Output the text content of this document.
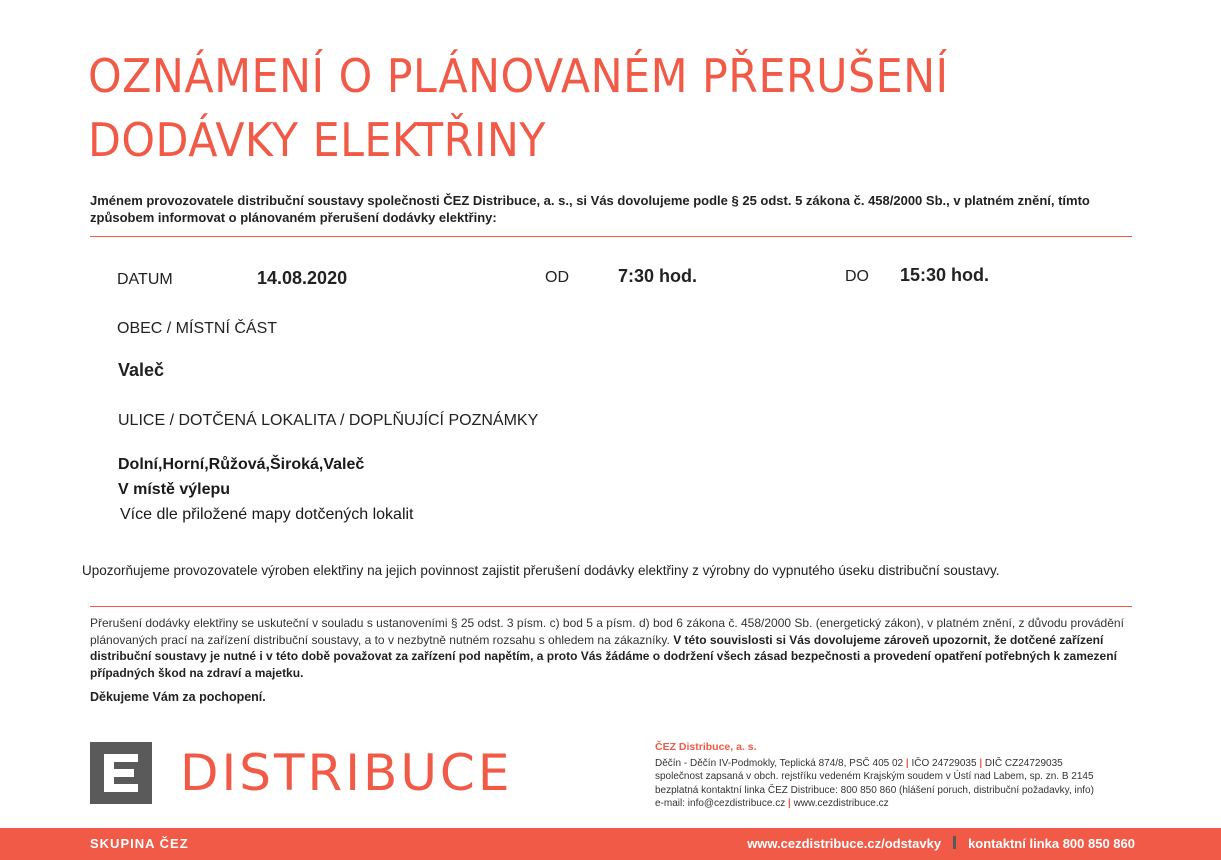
OZNÁMENÍ O PLÁNOVANÉM PŘERUŠENÍ
DODÁVKY ELEKTŘINY
Jménem provozovatele distribuční soustavy společnosti ČEZ Distribuce, a. s., si Vás dovolujeme podle § 25 odst. 5 zákona č. 458/2000 Sb., v platném znění, tímto způsobem informovat o plánovaném přerušení dodávky elektřiny:
DATUM	14.08.2020	OD	7:30 hod.	DO 15:30 hod.
OBEC / MÍSTNÍ ČÁST
Valeč
ULICE / DOTČENÁ LOKALITA / DOPLŇUJÍCÍ POZNÁMKY
Dolní,Horní,Růžová,Široká,Valeč
V místě výlepu
Více dle přiložené mapy dotčených lokalit
Upozorňujeme provozovatele výroben elektřiny na jejich povinnost zajistit přerušení dodávky elektřiny z výrobny do vypnutého úseku distribuční soustavy.
Přerušení dodávky elektřiny se uskuteční v souladu s ustanoveními § 25 odst. 3 písm. c) bod 5 a písm. d) bod 6 zákona č. 458/2000 Sb. (energetický zákon), v platném znění, z důvodu provádění plánovaných prací na zařízení distribuční soustavy, a to v nezbytně nutném rozsahu s ohledem na zákazníky. V této souvislosti si Vás dovolujeme zároveň upozornit, že dotčené zařízení distribuční soustavy je nutné i v této době považovat za zařízení pod napětím, a proto Vás žádáme o dodržení všech zásad bezpečnosti a provedení opatření potřebných k zamezení případných škod na zdraví a majetku.
Děkujeme Vám za pochopení.
DISTRIBUCE	ČEZ Distribuce, a. s.
Děčín - Děčín IV-Podmokly, Teplická 874/8, PSČ 405 02 | IČO 24729035 | DIČ CZ24729035
společnost zapsaná v obch. rejstříku vedeném Krajským soudem v Ústí nad Labem, sp. zn. B 2145
bezplatná kontaktní linka ČEZ Distribuce: 800 850 860 (hlášení poruch, distribuční požadavky, info)
e-mail: info@cezdistribuce.cz | www.cezdistribuce.cz
SKUPINA ČEZ	www.cezdistribuce.cz/odstavky kontaktní linka 800 850 860
